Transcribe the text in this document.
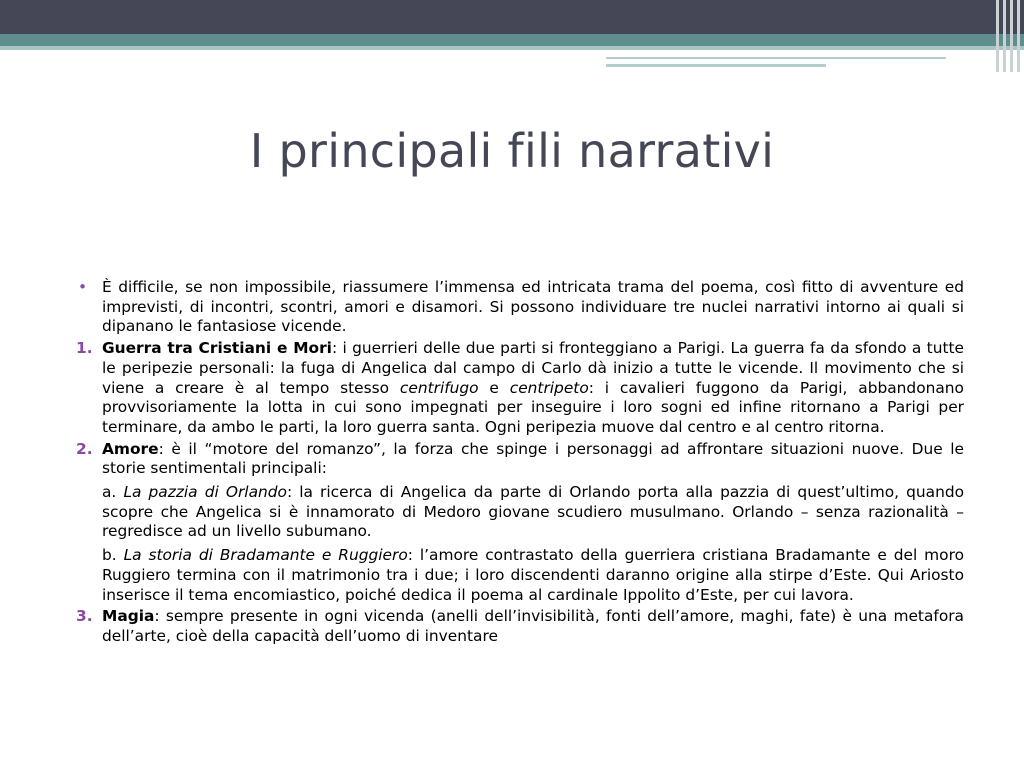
I principali fili narrativi
• È difficile, se non impossibile, riassumere l’immensa ed intricata trama del poema, così fitto di avventure ed imprevisti, di incontri, scontri, amori e disamori. Si possono individuare tre nuclei narrativi intorno ai quali si dipanano le fantasiose vicende.
1. Guerra tra Cristiani e Mori: i guerrieri delle due parti si fronteggiano a Parigi. La guerra fa da sfondo a tutte le peripezie personali: la fuga di Angelica dal campo di Carlo dà inizio a tutte le vicende. Il movimento che si viene a creare è al tempo stesso centrifugo e centripeto: i cavalieri fuggono da Parigi, abbandonano provvisoriamente la lotta in cui sono impegnati per inseguire i loro sogni ed infine ritornano a Parigi per terminare, da ambo le parti, la loro guerra santa. Ogni peripezia muove dal centro e al centro ritorna.
2. Amore: è il “motore del romanzo”, la forza che spinge i personaggi ad affrontare situazioni nuove. Due le storie sentimentali principali:
a. La pazzia di Orlando: la ricerca di Angelica da parte di Orlando porta alla pazzia di quest’ultimo, quando scopre che Angelica si è innamorato di Medoro giovane scudiero musulmano. Orlando – senza razionalità – regredisce ad un livello subumano.
b. La storia di Bradamante e Ruggiero: l’amore contrastato della guerriera cristiana Bradamante e del moro Ruggiero termina con il matrimonio tra i due; i loro discendenti daranno origine alla stirpe d’Este. Qui Ariosto inserisce il tema encomiastico, poiché dedica il poema al cardinale Ippolito d’Este, per cui lavora.
3. Magia: sempre presente in ogni vicenda (anelli dell’invisibilità, fonti dell’amore, maghi, fate) è una metafora dell’arte, cioè della capacità dell’uomo di inventare
